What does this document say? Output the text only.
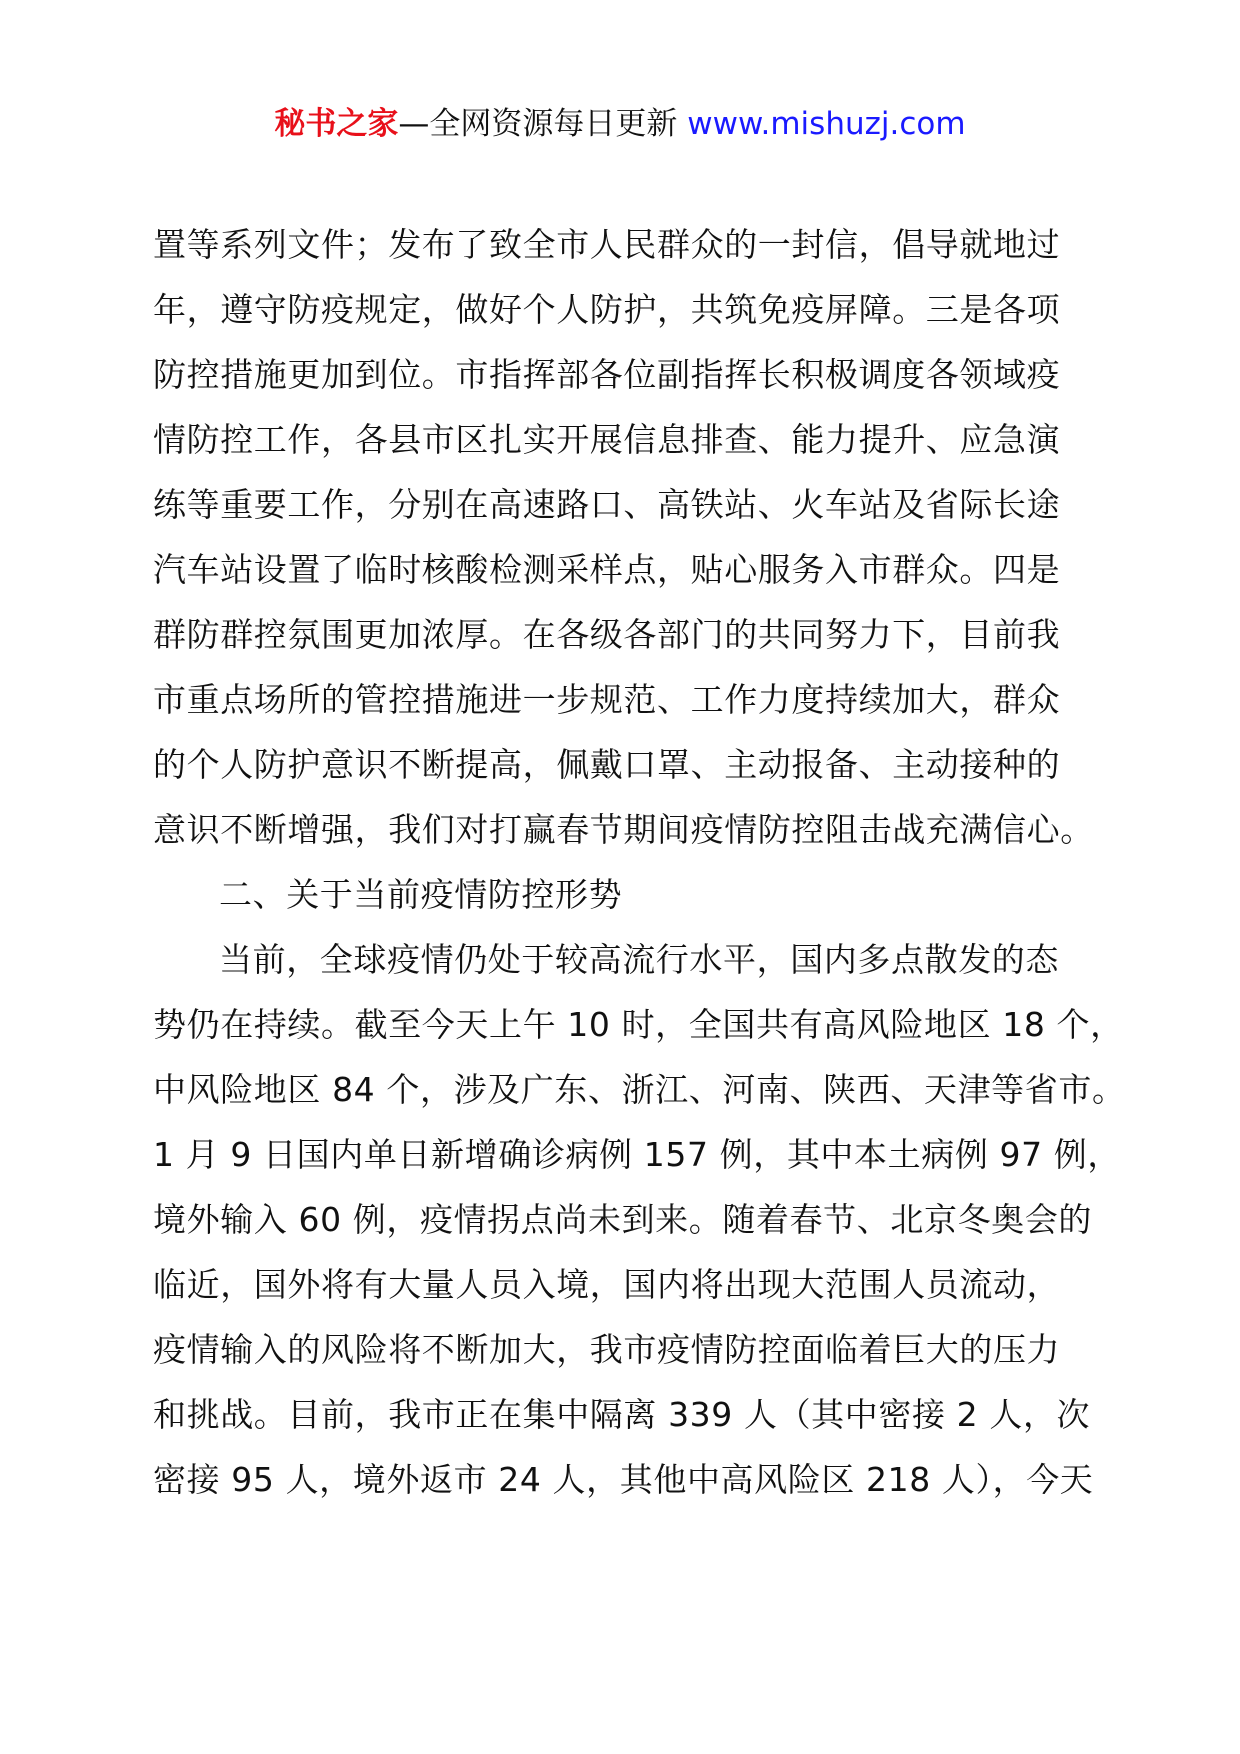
秘书之家—全网资源每日更新 www.mishuzj.com
置等系列文件；发布了致全市人民群众的一封信，倡导就地过
年，遵守防疫规定，做好个人防护，共筑免疫屏障。三是各项
防控措施更加到位。市指挥部各位副指挥长积极调度各领域疫
情防控工作，各县市区扎实开展信息排查、能力提升、应急演
练等重要工作，分别在高速路口、高铁站、火车站及省际长途
汽车站设置了临时核酸检测采样点，贴心服务入市群众。四是
群防群控氛围更加浓厚。在各级各部门的共同努力下，目前我
市重点场所的管控措施进一步规范、工作力度持续加大，群众
的个人防护意识不断提高，佩戴口罩、主动报备、主动接种的
意识不断增强，我们对打赢春节期间疫情防控阻击战充满信心。
二、关于当前疫情防控形势
当前，全球疫情仍处于较高流行水平，国内多点散发的态
势仍在持续。截至今天上午 10 时，全国共有高风险地区 18 个，
中风险地区 84 个，涉及广东、浙江、河南、陕西、天津等省市。
1 月 9 日国内单日新增确诊病例 157 例，其中本土病例 97 例，
境外输入 60 例，疫情拐点尚未到来。随着春节、北京冬奥会的
临近，国外将有大量人员入境，国内将出现大范围人员流动，
疫情输入的风险将不断加大，我市疫情防控面临着巨大的压力
和挑战。目前，我市正在集中隔离 339 人（其中密接 2 人，次
密接 95 人，境外返市 24 人，其他中高风险区 218 人），今天
